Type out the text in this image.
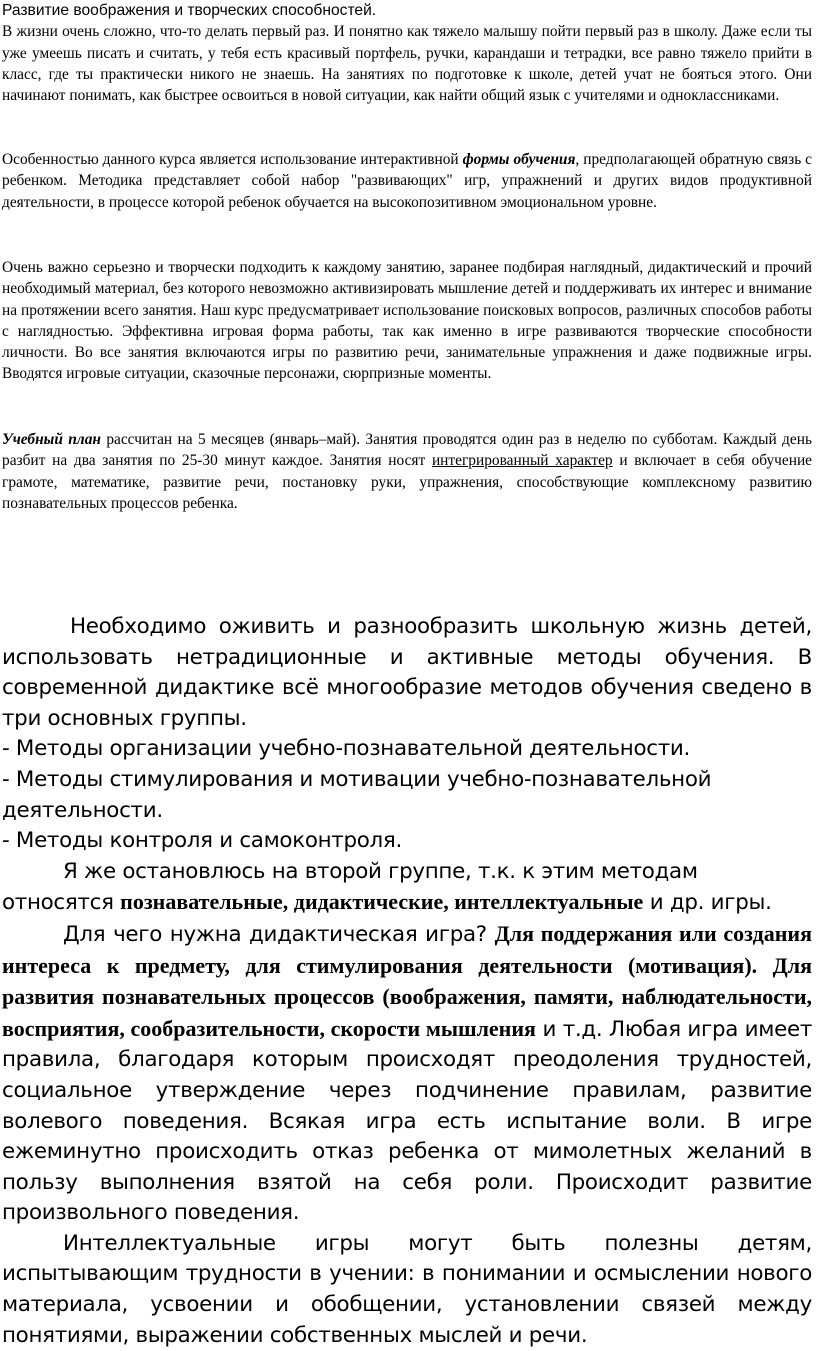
Развитие воображения и творческих способностей.

В жизни очень сложно, что-то делать первый раз. И понятно как тяжело малышу пойти первый раз в школу. Даже если ты уже умеешь писать и считать, у тебя есть красивый портфель, ручки, карандаши и тетрадки, все равно тяжело прийти в класс, где ты практически никого не знаешь. На занятиях по подготовке к школе, детей учат не бояться этого. Они начинают понимать, как быстрее освоиться в новой ситуации, как найти общий язык с учителями и одноклассниками.

Особенностью данного курса является использование интерактивной формы обучения, предполагающей обратную связь с ребенком. Методика представляет собой набор "развивающих" игр, упражнений и других видов продуктивной деятельности, в процессе которой ребенок обучается на высокопозитивном эмоциональном уровне.

Очень важно серьезно и творчески подходить к каждому занятию, заранее подбирая наглядный, дидактический и прочий необходимый материал, без которого невозможно активизировать мышление детей и поддерживать их интерес и внимание на протяжении всего занятия. Наш курс предусматривает использование поисковых вопросов, различных способов работы с наглядностью. Эффективна игровая форма работы, так как именно в игре развиваются творческие способности личности. Во все занятия включаются игры по развитию речи, занимательные упражнения и даже подвижные игры. Вводятся игровые ситуации, сказочные персонажи, сюрпризные моменты.

Учебный план рассчитан на 5 месяцев (январь–май). Занятия проводятся один раз в неделю по субботам. Каждый день разбит на два занятия по 25-30 минут каждое. Занятия носят интегрированный характер и включает в себя обучение грамоте, математике, развитие речи, постановку руки, упражнения, способствующие комплексному развитию познавательных процессов ребенка.

Необходимо оживить и разнообразить школьную жизнь детей, использовать нетрадиционные и активные методы обучения. В современной дидактике всё многообразие методов обучения сведено в три основных группы.

- Методы организации учебно-познавательной деятельности.

- Методы стимулирования и мотивации учебно-познавательной деятельности.

- Методы контроля и самоконтроля.

Я же остановлюсь на второй группе, т.к. к этим методам относятся познавательные, дидактические, интеллектуальные и др. игры.

Для чего нужна дидактическая игра? Для поддержания или создания интереса к предмету, для стимулирования деятельности (мотивация). Для развития познавательных процессов (воображения, памяти, наблюдательности, восприятия, сообразительности, скорости мышления и т.д. Любая игра имеет правила, благодаря которым происходят преодоления трудностей, социальное утверждение через подчинение правилам, развитие волевого поведения. Всякая игра есть испытание воли. В игре ежеминутно происходить отказ ребенка от мимолетных желаний в пользу выполнения взятой на себя роли. Происходит развитие произвольного поведения.

Интеллектуальные игры могут быть полезны детям, испытывающим трудности в учении: в понимании и осмыслении нового материала, усвоении и обобщении, установлении связей между понятиями, выражении собственных мыслей и речи.
